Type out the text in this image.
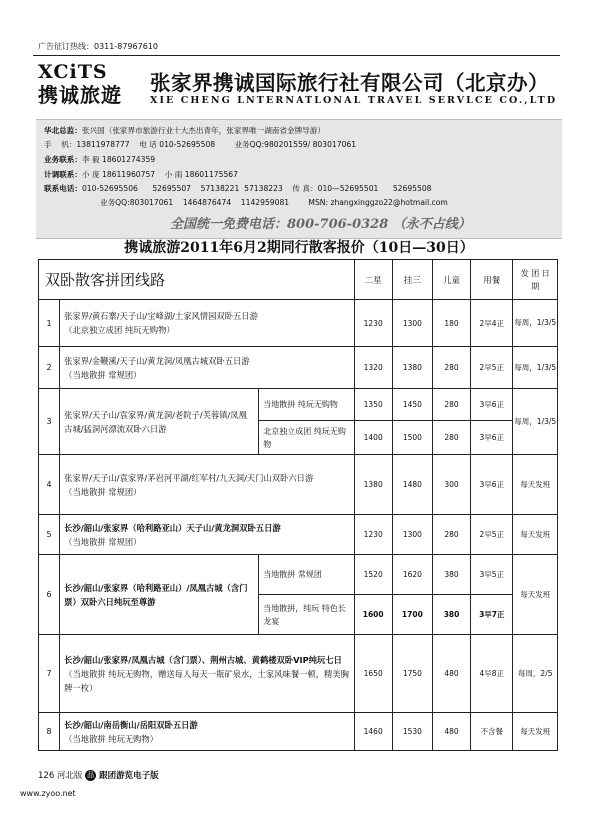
广告征订热线：0311-87967610
XCiTS
携诚旅遊	张家界携诚国际旅行社有限公司（北京办）
XIE CHENG LNTERNATLONAL TRAVEL SERVLCE CO.,LTD
华北总监：张兴国（张家界市旅游行业十大杰出青年，张家界唯一湖南省金牌导游）
手    机：13811978777    电 话 010-52695508        业务QQ:980201559/ 803017061
业务联系：李 毅 18601274359
计调联系：小 庞 18611960757    小 雨 18601175567
联系电话：010-52695506      52695507    57138221  57138223    传 真：010—52695501      52695508
业务QQ:803017061    1464876474    1142959081        MSN: zhangxinggzo22@hotmail.com
全国统一免费电话：800-706-0328 （永不占线）
携诚旅游2011年6月2期同行散客报价（10日—30日）
双卧散客拼团线路			二星	挂三	儿童	用餐	发 团 日期
1	张家界/黄石寨/天子山/宝峰湖/土家风情园双卧五日游
（北京独立成团 纯玩无购物）		1230	1300	180	2早4正	每周，1/3/5
2	张家界/金鞭溪/天子山/黄龙洞/凤凰古城双卧五日游
（当地散拼 常规团）		1320	1380	280	2早5正	每周，1/3/5
3	张家界/天子山/袁家界/黄龙洞/老院子/芙蓉镇/凤凰古城/猛洞河漂流双卧六日游	当地散拼 纯玩无购物	1350	1450	280	3早6正	每周，1/3/5
		北京独立成团 纯玩无购物	1400	1500	280	3早6正	
4	张家界/天子山/袁家界/茅岩河平湖/红军村/九天洞/天门山双卧六日游
（当地散拼 常规团）		1380	1480	300	3早6正	每天发班
5	长沙/韶山/张家界（哈利路亚山）天子山/黄龙洞双卧五日游
（当地散拼 常规团）		1230	1300	280	2早5正	每天发班
6	长沙/韶山/张家界（哈利路亚山）/凤凰古城（含门票）双卧六日纯玩至尊游	当地散拼 常规团	1520	1620	380	3早5正	每天发班
		当地散拼，纯玩 特色长龙宴	1600	1700	380	3早7正	
7	长沙/韶山/张家界/凤凰古城（含门票）、荆州古城、黄鹤楼双卧VIP纯玩七日
（当地散拼 纯玩无购物，赠送每人每天一瓶矿泉水，土家风味餐一顿，精美胸牌一枚）		1650	1750	480	4早8正	每周，2/5
8	长沙/韶山/南岳衡山/岳阳双卧五日游
（当地散拼 纯玩无购物）		1460	1530	480	不含餐	每天发班
126 河北版 品 跟团游览电子版
www.zyoo.net
